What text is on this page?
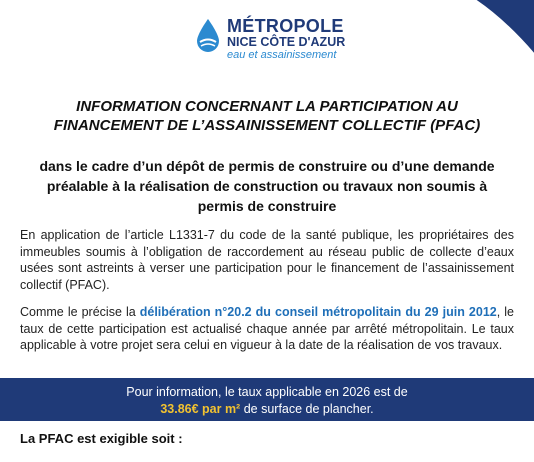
MÉTROPOLE
NICE CÔTE D'AZUR
eau et assainissement
INFORMATION CONCERNANT LA PARTICIPATION AU
FINANCEMENT DE L’ASSAINISSEMENT COLLECTIF (PFAC)
dans le cadre d’un dépôt de permis de construire ou d’une demande
préalable à la réalisation de construction ou travaux non soumis à
permis de construire
En application de l’article L1331-7 du code de la santé publique, les propriétaires des immeubles soumis à l’obligation de raccordement au réseau public de collecte d’eaux usées sont astreints à verser une participation pour le financement de l’assainissement collectif (PFAC).
Comme le précise la délibération n°20.2 du conseil métropolitain du 29 juin 2012, le taux de cette participation est actualisé chaque année par arrêté métropolitain. Le taux applicable à votre projet sera celui en vigueur à la date de la réalisation de vos travaux.
Pour information, le taux applicable en 2026 est de
33.86€ par m² de surface de plancher.
La PFAC est exigible soit :
